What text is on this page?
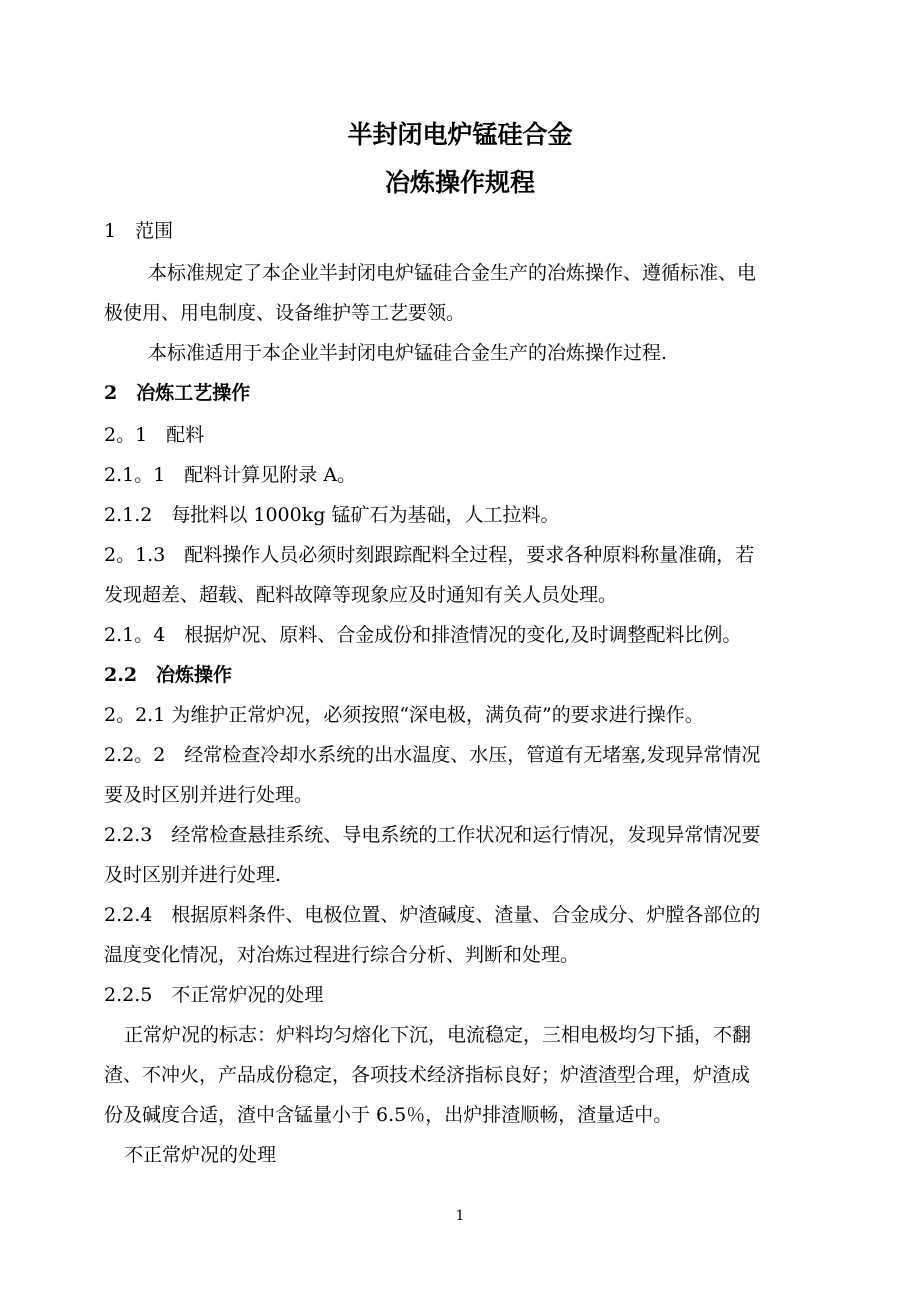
半封闭电炉锰硅合金
冶炼操作规程
1　范围
本标准规定了本企业半封闭电炉锰硅合金生产的冶炼操作、遵循标准、电
极使用、用电制度、设备维护等工艺要领。
本标准适用于本企业半封闭电炉锰硅合金生产的冶炼操作过程.
2　冶炼工艺操作
2。1　配料
2.1。1　配料计算见附录 A。
2.1.2　每批料以 1000kg 锰矿石为基础，人工拉料。
2。1.3　配料操作人员必须时刻跟踪配料全过程，要求各种原料称量准确，若
发现超差、超载、配料故障等现象应及时通知有关人员处理。
2.1。4　根据炉况、原料、合金成份和排渣情况的变化,及时调整配料比例。
2.2　冶炼操作
2。2.1 为维护正常炉况，必须按照“深电极，满负荷”的要求进行操作。
2.2。2　经常检查冷却水系统的出水温度、水压，管道有无堵塞,发现异常情况
要及时区别并进行处理。
2.2.3　经常检查悬挂系统、导电系统的工作状况和运行情况，发现异常情况要
及时区别并进行处理.
2.2.4　根据原料条件、电极位置、炉渣碱度、渣量、合金成分、炉膛各部位的
温度变化情况，对冶炼过程进行综合分析、判断和处理。
2.2.5　不正常炉况的处理
正常炉况的标志：炉料均匀熔化下沉，电流稳定，三相电极均匀下插，不翻
渣、不冲火，产品成份稳定，各项技术经济指标良好；炉渣渣型合理，炉渣成
份及碱度合适，渣中含锰量小于 6.5％，出炉排渣顺畅，渣量适中。
不正常炉况的处理
1
